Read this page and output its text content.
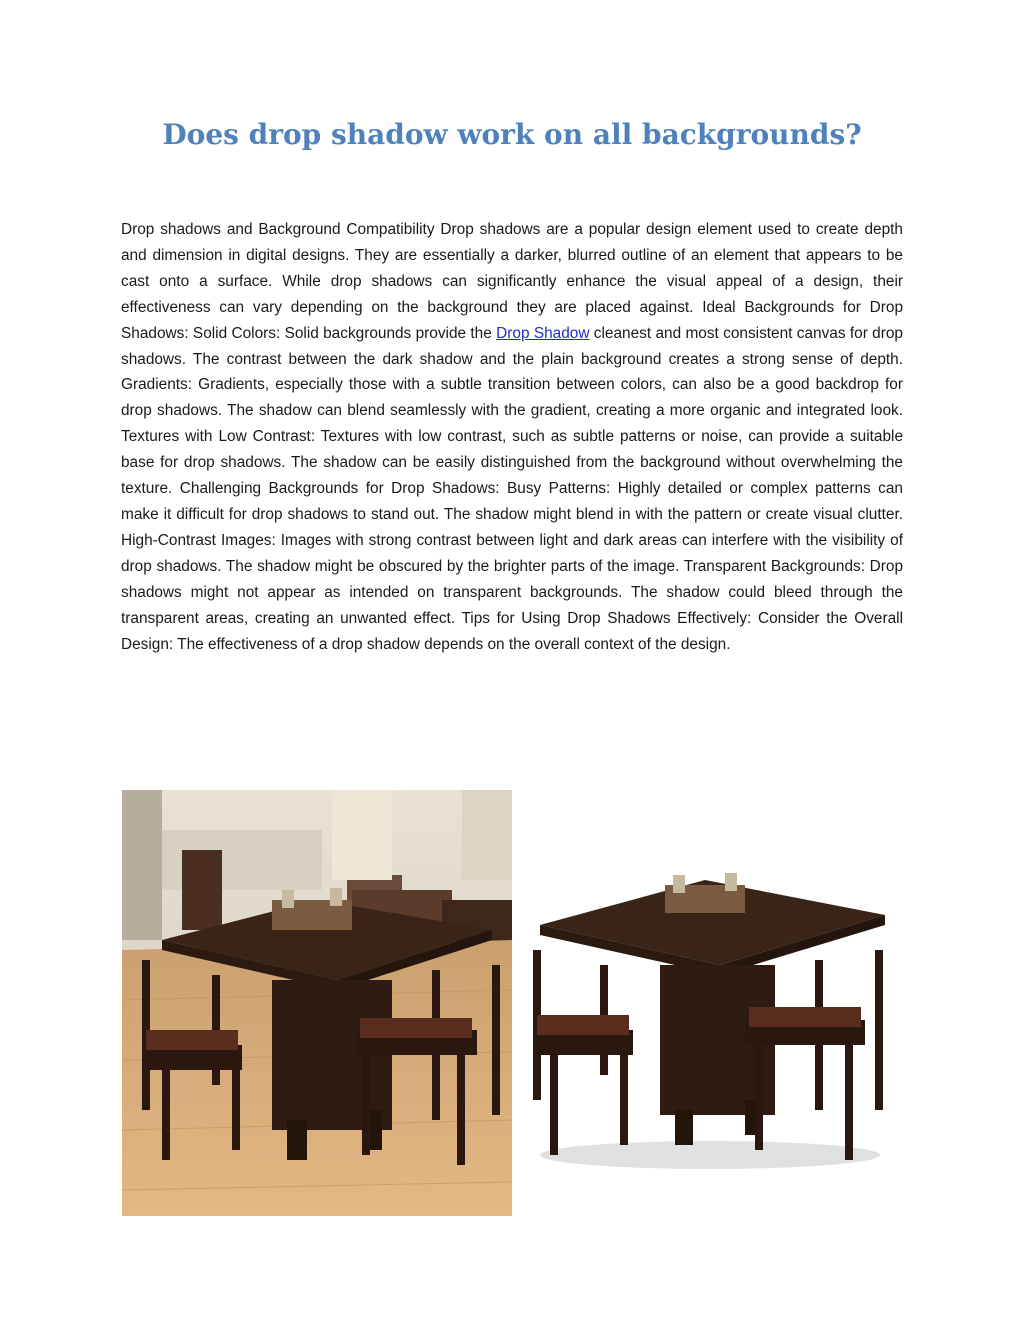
Does drop shadow work on all backgrounds?

Drop shadows and Background Compatibility Drop shadows are a popular design element used to create depth and dimension in digital designs. They are essentially a darker, blurred outline of an element that appears to be cast onto a surface. While drop shadows can significantly enhance the visual appeal of a design, their effectiveness can vary depending on the background they are placed against. Ideal Backgrounds for Drop Shadows: Solid Colors: Solid backgrounds provide the Drop Shadow cleanest and most consistent canvas for drop shadows. The contrast between the dark shadow and the plain background creates a strong sense of depth. Gradients: Gradients, especially those with a subtle transition between colors, can also be a good backdrop for drop shadows. The shadow can blend seamlessly with the gradient, creating a more organic and integrated look. Textures with Low Contrast: Textures with low contrast, such as subtle patterns or noise, can provide a suitable base for drop shadows. The shadow can be easily distinguished from the background without overwhelming the texture. Challenging Backgrounds for Drop Shadows: Busy Patterns: Highly detailed or complex patterns can make it difficult for drop shadows to stand out. The shadow might blend in with the pattern or create visual clutter. High-Contrast Images: Images with strong contrast between light and dark areas can interfere with the visibility of drop shadows. The shadow might be obscured by the brighter parts of the image. Transparent Backgrounds: Drop shadows might not appear as intended on transparent backgrounds. The shadow could bleed through the transparent areas, creating an unwanted effect. Tips for Using Drop Shadows Effectively: Consider the Overall Design: The effectiveness of a drop shadow depends on the overall context of the design.
